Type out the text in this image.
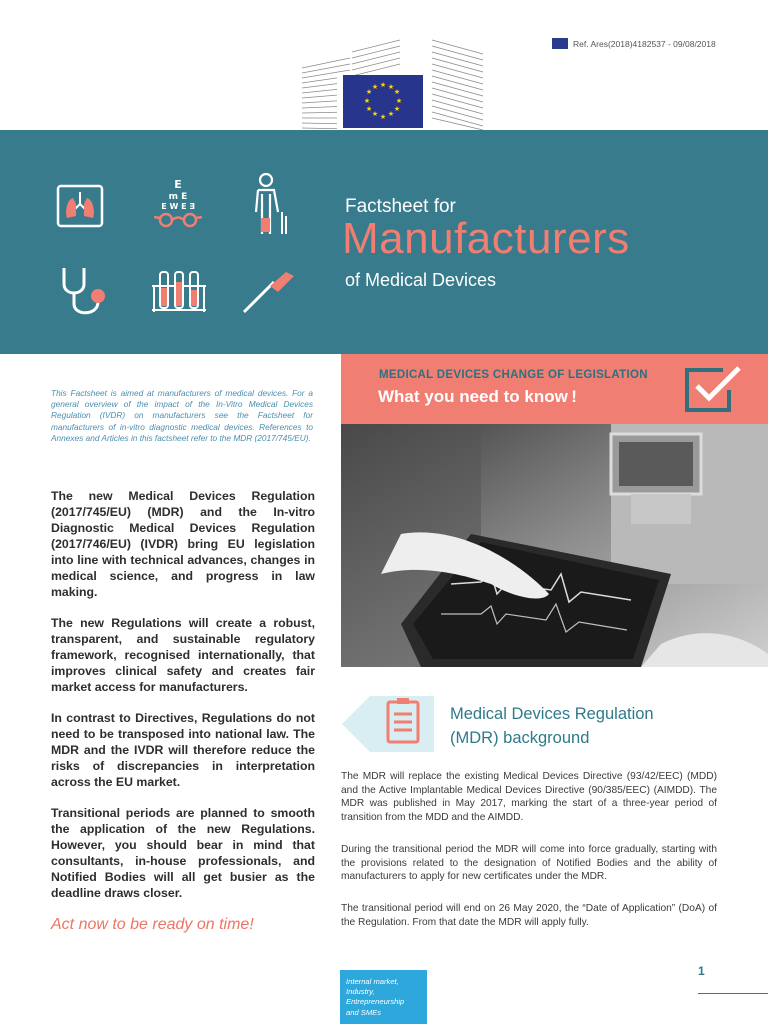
Ref. Ares(2018)4182537 - 09/08/2018
★ ★
★
★
★
★
★
★
★
★
★
★
E
m E
E W E ∃	Factsheet for
Manufacturers
of Medical Devices
MEDICAL DEVICES CHANGE OF LEGISLATION
What you need to know !
This Factsheet is aimed at manufacturers of medical devices. For a general overview of the impact of the In-Vitro Medical Devices Regulation (IVDR) on manufacturers see the Factsheet for manufacturers of in-vitro diagnostic medical devices. References to Annexes and Articles in this factsheet refer to the MDR (2017/745/EU).

The new Medical Devices Regulation (2017/745/EU) (MDR) and the In-vitro Diagnostic Medical Devices Regulation (2017/746/EU) (IVDR) bring EU legislation into line with technical advances, changes in medical science, and progress in law making.

The new Regulations will create a robust, transparent, and sustainable regulatory framework, recognised internationally, that improves clinical safety and creates fair market access for manufacturers.

In contrast to Directives, Regulations do not need to be transposed into national law. The MDR and the IVDR will therefore reduce the risks of discrepancies in interpretation across the EU market.

Transitional periods are planned to smooth the application of the new Regulations. However, you should bear in mind that consultants, in-house professionals, and Notified Bodies will all get busier as the deadline draws closer.

Act now to be ready on time!
Medical Devices Regulation
(MDR) background

The MDR will replace the existing Medical Devices Directive (93/42/EEC) (MDD) and the Active Implantable Medical Devices Directive (90/385/EEC) (AIMDD). The MDR was published in May 2017, marking the start of a three-year period of transition from the MDD and the AIMDD.

During the transitional period the MDR will come into force gradually, starting with the provisions related to the designation of Notified Bodies and the ability of manufacturers to apply for new certificates under the MDR.

The transitional period will end on 26 May 2020, the “Date of Application” (DoA) of the Regulation. From that date the MDR will apply fully.

1
Internal market,
Industry,
Entrepreneurship
and SMEs
